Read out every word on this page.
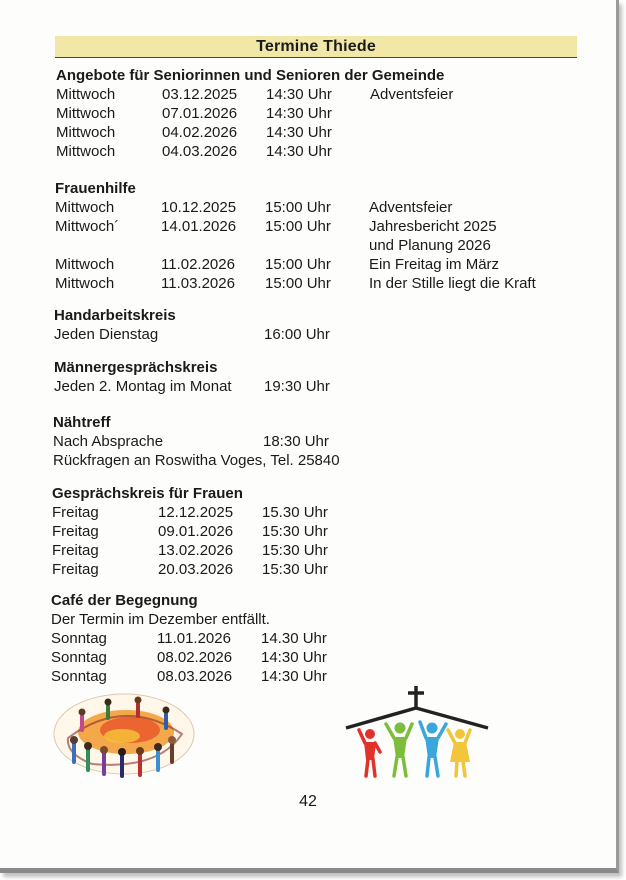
Termine Thiede
Angebote für Seniorinnen und Senioren der Gemeinde
Mittwoch	03.12.2025 14:30 Uhr	Adventsfeier
Mittwoch	07.01.2026 14:30 Uhr
Mittwoch	04.02.2026 14:30 Uhr
Mittwoch	04.03.2026 14:30 Uhr
Frauenhilfe
Mittwoch	10.12.2025 15:00 Uhr	Adventsfeier
Mittwoch´	14.01.2026 15:00 Uhr	Jahresbericht 2025
und Planung 2026
Mittwoch	11.02.2026 15:00 Uhr	Ein Freitag im März
Mittwoch	11.03.2026 15:00 Uhr	In der Stille liegt die Kraft
Handarbeitskreis
Jeden Dienstag	16:00 Uhr
Männergesprächskreis
Jeden 2. Montag im Monat 19:30 Uhr
Nähtreff
Nach Absprache	18:30 Uhr
Rückfragen an Roswitha Voges, Tel. 25840
Gesprächskreis für Frauen
Freitag	12.12.2025 15.30 Uhr
Freitag	09.01.2026 15:30 Uhr
Freitag	13.02.2026 15:30 Uhr
Freitag	20.03.2026 15:30 Uhr
Café der Begegnung
Der Termin im Dezember entfällt.
Sonntag	11.01.2026 14.30 Uhr
Sonntag	08.02.2026 14:30 Uhr
Sonntag	08.03.2026 14:30 Uhr
42
